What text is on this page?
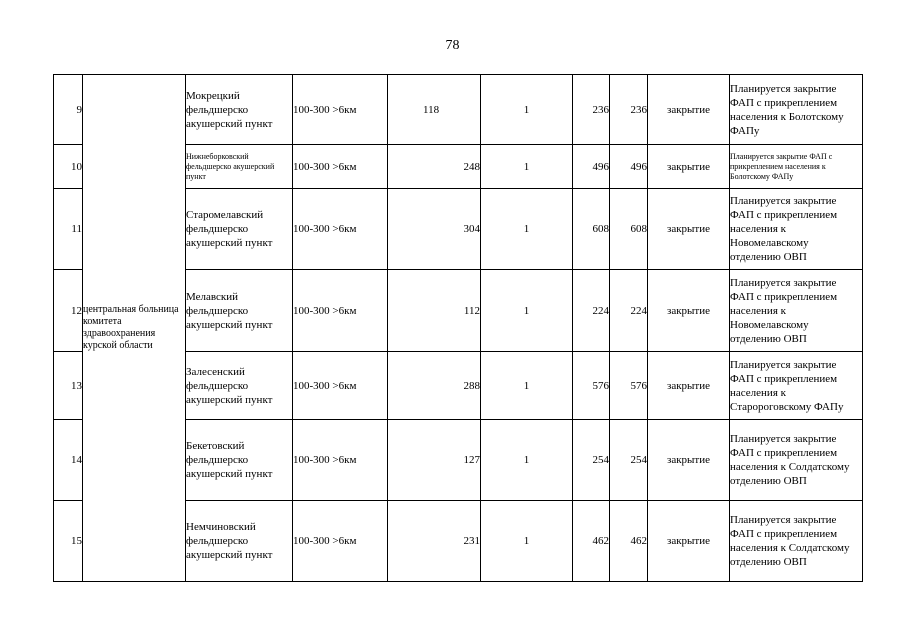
78
9	центральная больница комитета здравоохранения курской области	Мокрецкий фельдшерско акушерский пункт	100-300 >6км	118	1	236	236	закрытие	Планируется закрытие ФАП с прикреплением населения к Болотскому ФАПу
10		Нижнеборковский фельдшерско акушерский пункт	100-300 >6км	248	1	496	496	закрытие	Планируется закрытие ФАП с прикреплением населения к Болотскому ФАПу
11		Старомелавский фельдшерско акушерский пункт	100-300 >6км	304	1	608	608	закрытие	Планируется закрытие ФАП с прикреплением населения к Новомелавскому отделению ОВП
12		Мелавский фельдшерско акушерский пункт	100-300 >6км	112	1	224	224	закрытие	Планируется закрытие ФАП с прикреплением населения к Новомелавскому отделению ОВП
13		Залесенский фельдшерско акушерский пункт	100-300 >6км	288	1	576	576	закрытие	Планируется закрытие ФАП с прикреплением населения к Старороговскому ФАПу
14		Бекетовский фельдшерско акушерский пункт	100-300 >6км	127	1	254	254	закрытие	Планируется закрытие ФАП с прикреплением населения к Солдатскому отделению ОВП
15		Немчиновский фельдшерско акушерский пункт	100-300 >6км	231	1	462	462	закрытие	Планируется закрытие ФАП с прикреплением населения к Солдатскому отделению ОВП
